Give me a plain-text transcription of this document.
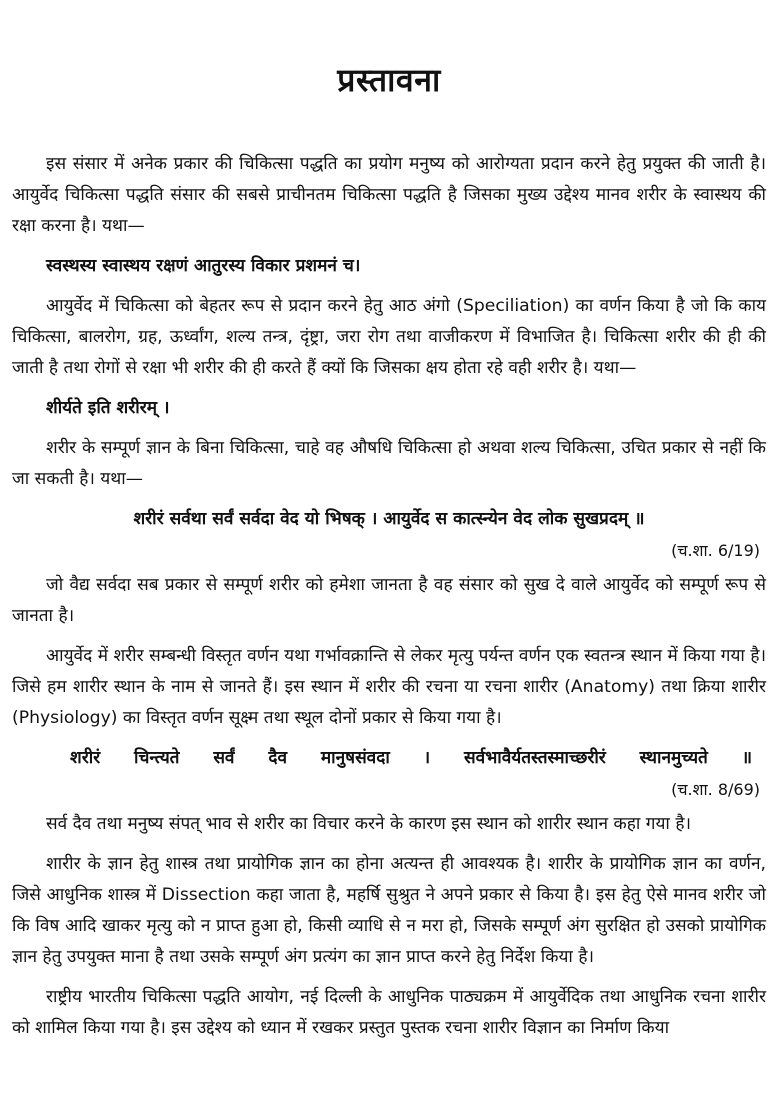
प्रस्तावना

इस संसार में अनेक प्रकार की चिकित्सा पद्धति का प्रयोग मनुष्य को आरोग्यता प्रदान करने हेतु प्रयुक्त की जाती है। आयुर्वेद चिकित्सा पद्धति संसार की सबसे प्राचीनतम चिकित्सा पद्धति है जिसका मुख्य उद्देश्य मानव शरीर के स्वास्थय की रक्षा करना है। यथा—

स्वस्थस्य स्वास्थय रक्षणं आतुरस्य विकार प्रशमनं च।

आयुर्वेद में चिकित्सा को बेहतर रूप से प्रदान करने हेतु आठ अंगो (Speciliation) का वर्णन किया है जो कि काय चिकित्सा, बालरोग, ग्रह, ऊर्ध्वांग, शल्य तन्त्र, दृंष्ट्रा, जरा रोग तथा वाजीकरण में विभाजित है। चिकित्सा शरीर की ही की जाती है तथा रोगों से रक्षा भी शरीर की ही करते हैं क्यों कि जिसका क्षय होता रहे वही शरीर है। यथा—

शीर्यते इति शरीरम् ।

शरीर के सम्पूर्ण ज्ञान के बिना चिकित्सा, चाहे वह औषधि चिकित्सा हो अथवा शल्य चिकित्सा, उचित प्रकार से नहीं कि जा सकती है। यथा—

शरीरं सर्वथा सर्वं सर्वदा वेद यो भिषक् । आयुर्वेद स कात्स्न्येन वेद लोक सुखप्रदम् ॥

(च.शा. 6/19)

जो वैद्य सर्वदा सब प्रकार से सम्पूर्ण शरीर को हमेशा जानता है वह संसार को सुख दे वाले आयुर्वेद को सम्पूर्ण रूप से जानता है।

आयुर्वेद में शरीर सम्बन्धी विस्तृत वर्णन यथा गर्भावक्रान्ति से लेकर मृत्यु पर्यन्त वर्णन एक स्वतन्त्र स्थान में किया गया है। जिसे हम शारीर स्थान के नाम से जानते हैं। इस स्थान में शरीर की रचना या रचना शारीर (Anatomy) तथा क्रिया शारीर (Physiology) का विस्तृत वर्णन सूक्ष्म तथा स्थूल दोनों प्रकार से किया गया है।

शरीरं चिन्त्यते सर्वं दैव मानुषसंवदा । सर्वभावैर्यतस्तस्माच्छरीरं स्थानमुच्यते ॥

(च.शा. 8/69)

सर्व दैव तथा मनुष्य संपत् भाव से शरीर का विचार करने के कारण इस स्थान को शारीर स्थान कहा गया है।

शारीर के ज्ञान हेतु शास्त्र तथा प्रायोगिक ज्ञान का होना अत्यन्त ही आवश्यक है। शारीर के प्रायोगिक ज्ञान का वर्णन, जिसे आधुनिक शास्त्र में Dissection कहा जाता है, महर्षि सुश्रुत ने अपने प्रकार से किया है। इस हेतु ऐसे मानव शरीर जो कि विष आदि खाकर मृत्यु को न प्राप्त हुआ हो, किसी व्याधि से न मरा हो, जिसके सम्पूर्ण अंग सुरक्षित हो उसको प्रायोगिक ज्ञान हेतु उपयुक्त माना है तथा उसके सम्पूर्ण अंग प्रत्यंग का ज्ञान प्राप्त करने हेतु निर्देश किया है।

राष्ट्रीय भारतीय चिकित्सा पद्धति आयोग, नई दिल्ली के आधुनिक पाठ्यक्रम में आयुर्वेदिक तथा आधुनिक रचना शारीर को शामिल किया गया है। इस उद्देश्य को ध्यान में रखकर प्रस्तुत पुस्तक रचना शारीर विज्ञान का निर्माण किया
